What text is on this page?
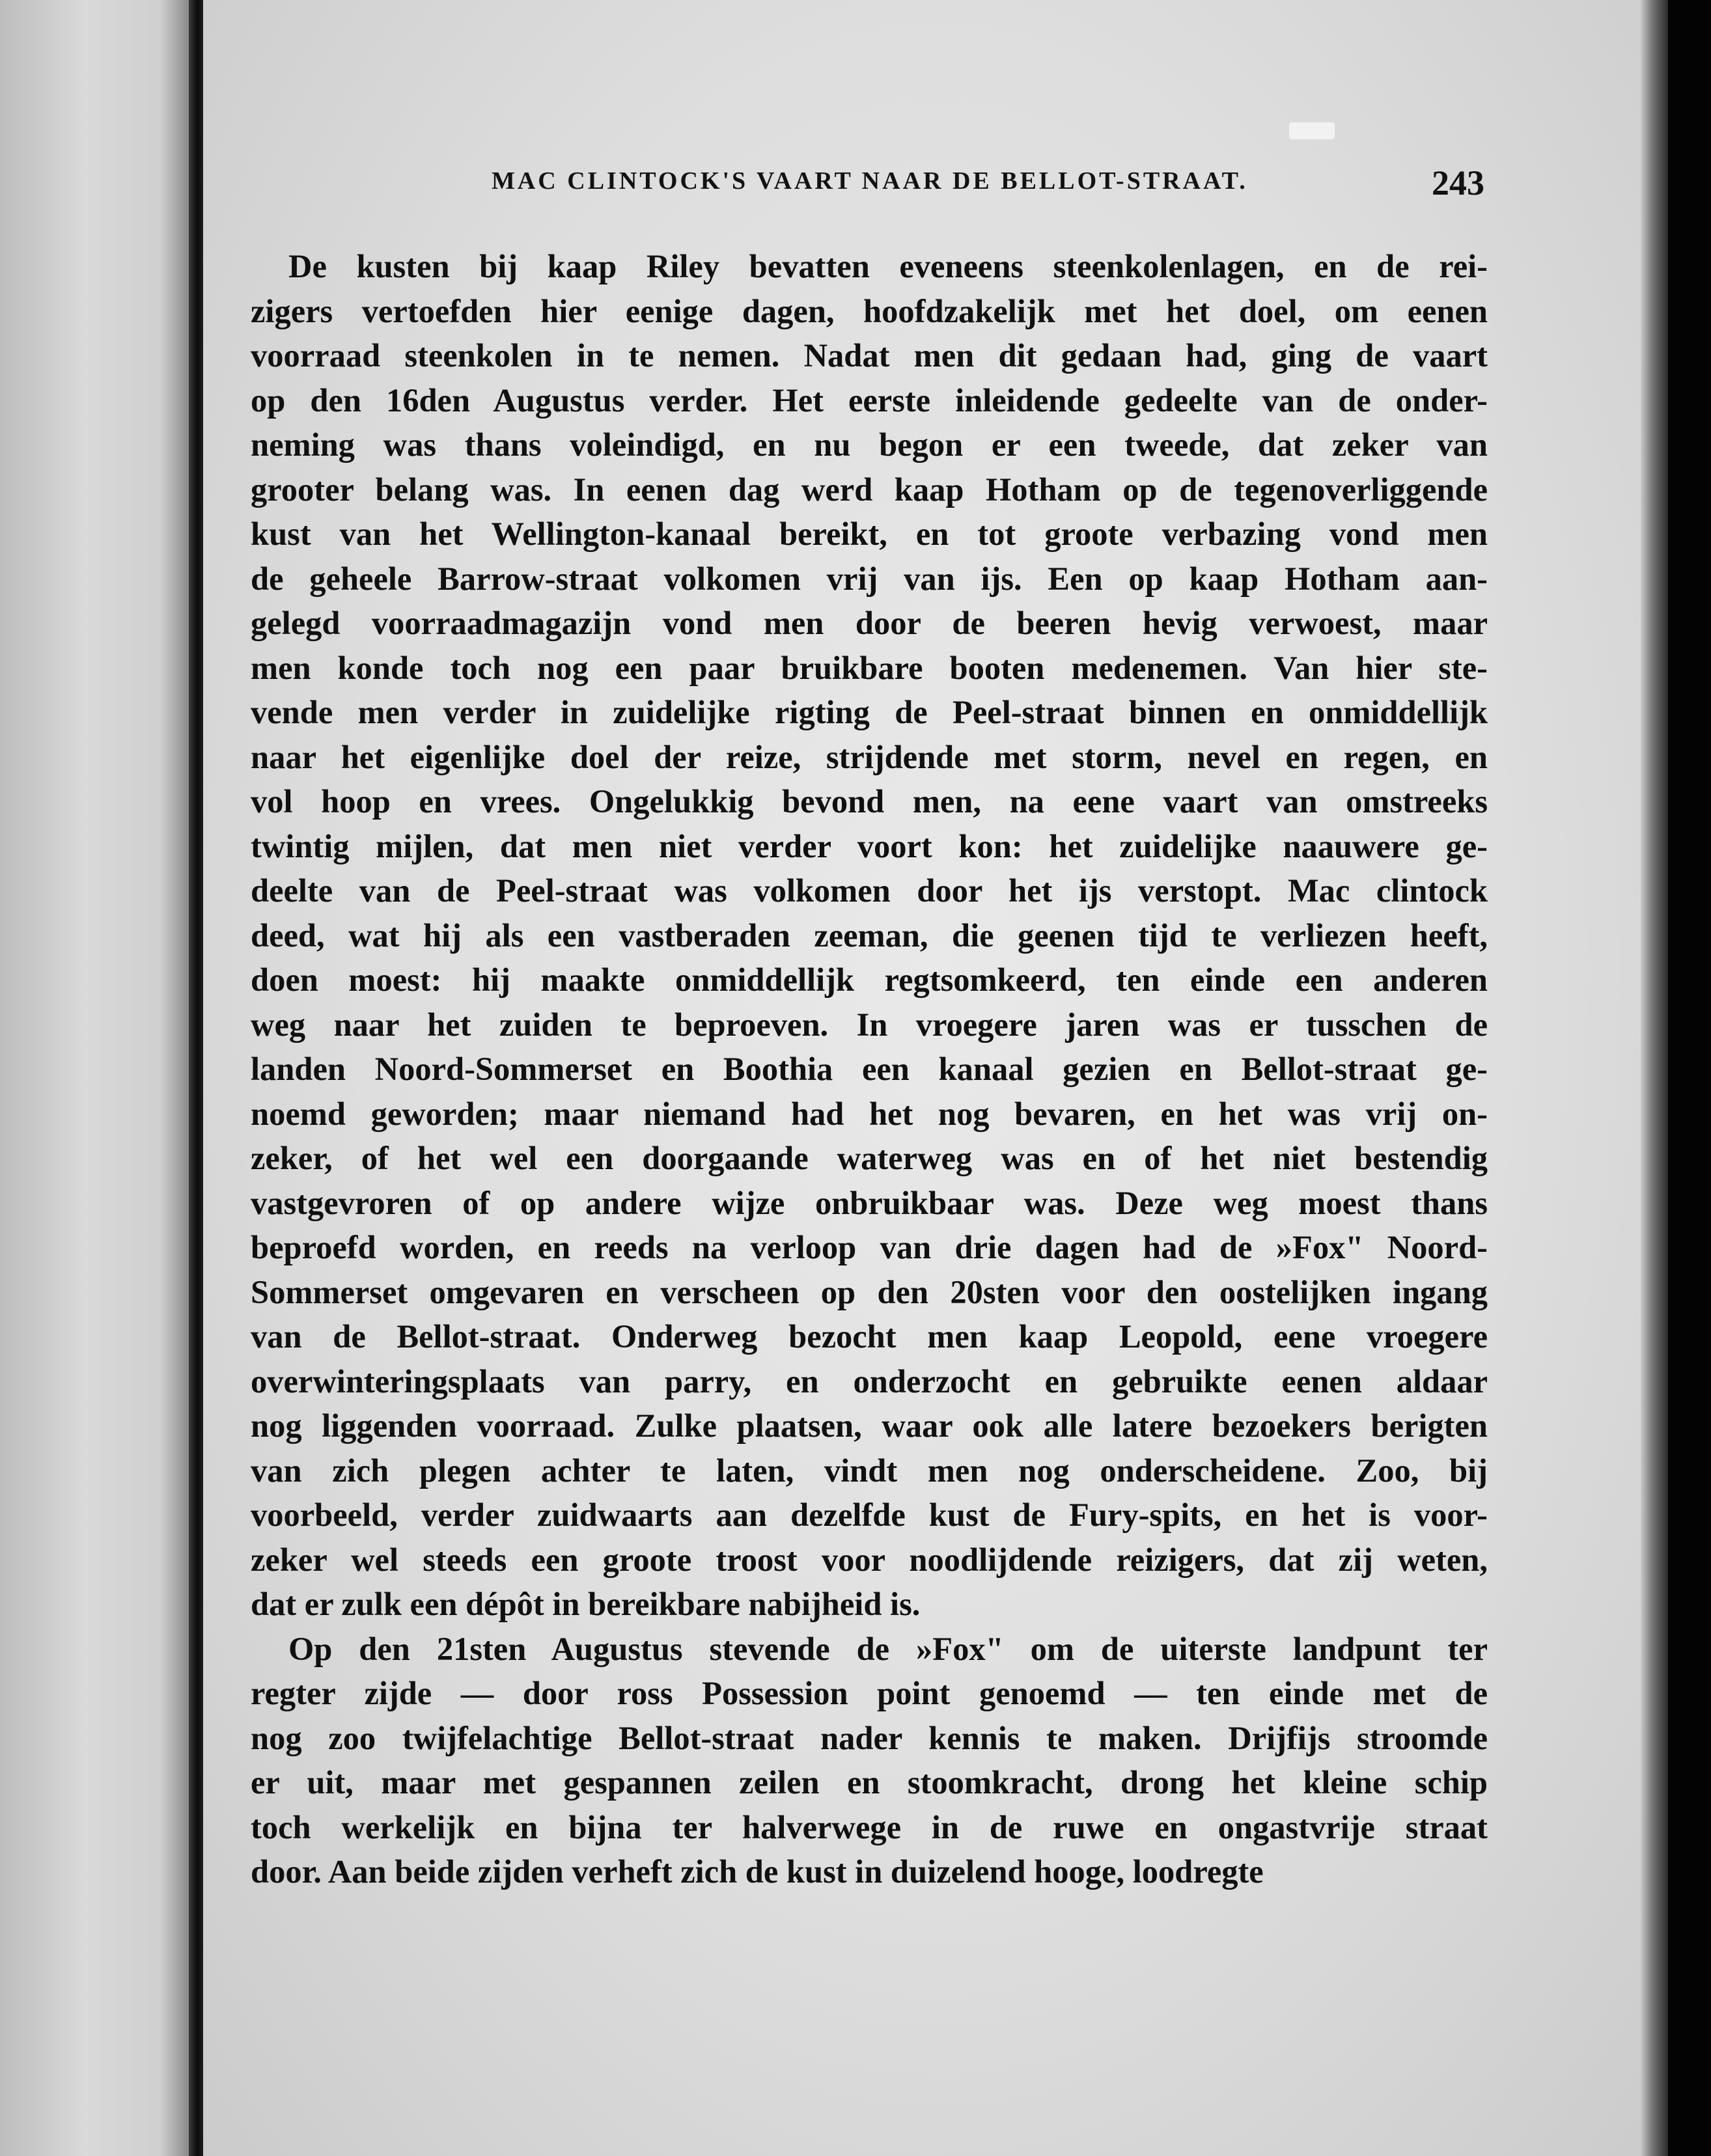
MAC CLINTOCK'S VAART NAAR DE BELLOT-STRAAT.	243
De kusten bij kaap Riley bevatten eveneens steenkolenlagen, en de rei-
zigers vertoefden hier eenige dagen, hoofdzakelijk met het doel, om eenen
voorraad steenkolen in te nemen. Nadat men dit gedaan had, ging de vaart
op den 16den Augustus verder. Het eerste inleidende gedeelte van de onder-
neming was thans voleindigd, en nu begon er een tweede, dat zeker van
grooter belang was. In eenen dag werd kaap Hotham op de tegenoverliggende
kust van het Wellington-kanaal bereikt, en tot groote verbazing vond men
de geheele Barrow-straat volkomen vrij van ijs. Een op kaap Hotham aan-
gelegd voorraadmagazijn vond men door de beeren hevig verwoest, maar
men konde toch nog een paar bruikbare booten medenemen. Van hier ste-
vende men verder in zuidelijke rigting de Peel-straat binnen en onmiddellijk
naar het eigenlijke doel der reize, strijdende met storm, nevel en regen, en
vol hoop en vrees. Ongelukkig bevond men, na eene vaart van omstreeks
twintig mijlen, dat men niet verder voort kon: het zuidelijke naauwere ge-
deelte van de Peel-straat was volkomen door het ijs verstopt. Mac clintock
deed, wat hij als een vastberaden zeeman, die geenen tijd te verliezen heeft,
doen moest: hij maakte onmiddellijk regtsomkeerd, ten einde een anderen
weg naar het zuiden te beproeven. In vroegere jaren was er tusschen de
landen Noord-Sommerset en Boothia een kanaal gezien en Bellot-straat ge-
noemd geworden; maar niemand had het nog bevaren, en het was vrij on-
zeker, of het wel een doorgaande waterweg was en of het niet bestendig
vastgevroren of op andere wijze onbruikbaar was. Deze weg moest thans
beproefd worden, en reeds na verloop van drie dagen had de »Fox" Noord-
Sommerset omgevaren en verscheen op den 20sten voor den oostelijken ingang
van de Bellot-straat. Onderweg bezocht men kaap Leopold, eene vroegere
overwinteringsplaats van parry, en onderzocht en gebruikte eenen aldaar
nog liggenden voorraad. Zulke plaatsen, waar ook alle latere bezoekers berigten
van zich plegen achter te laten, vindt men nog onderscheidene. Zoo, bij
voorbeeld, verder zuidwaarts aan dezelfde kust de Fury-spits, en het is voor-
zeker wel steeds een groote troost voor noodlijdende reizigers, dat zij weten,
dat er zulk een dépôt in bereikbare nabijheid is.
Op den 21sten Augustus stevende de »Fox" om de uiterste landpunt ter
regter zijde — door ross Possession point genoemd — ten einde met de
nog zoo twijfelachtige Bellot-straat nader kennis te maken. Drijfijs stroomde
er uit, maar met gespannen zeilen en stoomkracht, drong het kleine schip
toch werkelijk en bijna ter halverwege in de ruwe en ongastvrije straat
door. Aan beide zijden verheft zich de kust in duizelend hooge, loodregte
